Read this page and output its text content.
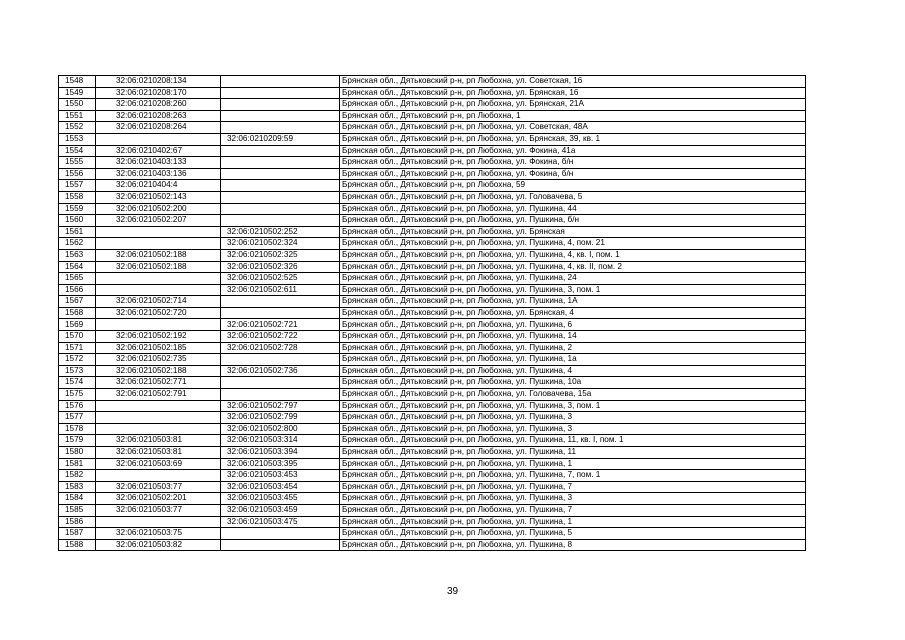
1548	32:06:0210208:134		Брянская обл., Дятьковский р-н, рп Любохна, ул. Советская, 16
1549	32:06:0210208:170		Брянская обл., Дятьковский р-н, рп Любохна, ул. Брянская, 16
1550	32:06:0210208:260		Брянская обл., Дятьковский р-н, рп Любохна, ул. Брянская, 21А
1551	32:06:0210208:263		Брянская обл., Дятьковский р-н, рп Любохна, 1
1552	32:06:0210208:264		Брянская обл., Дятьковский р-н, рп Любохна, ул. Советская, 48А
1553		32:06:0210209:59	Брянская обл., Дятьковский р-н, рп Любохна, ул. Брянская, 39, кв. 1
1554	32:06:0210402:67		Брянская обл., Дятьковский р-н, рп Любохна, ул. Фокина, 41а
1555	32:06:0210403:133		Брянская обл., Дятьковский р-н, рп Любохна, ул. Фокина, б/н
1556	32:06:0210403:136		Брянская обл., Дятьковский р-н, рп Любохна, ул. Фокина, б/н
1557	32:06:0210404:4		Брянская обл., Дятьковский р-н, рп Любохна, 59
1558	32:06:0210502:143		Брянская обл., Дятьковский р-н, рп Любохна, ул. Головачева, 5
1559	32:06:0210502:200		Брянская обл., Дятьковский р-н, рп Любохна, ул. Пушкина, 44
1560	32:06:0210502:207		Брянская обл., Дятьковский р-н, рп Любохна, ул. Пушкина, б/н
1561		32:06:0210502:252	Брянская обл., Дятьковский р-н, рп Любохна, ул. Брянская
1562		32:06:0210502:324	Брянская обл., Дятьковский р-н, рп Любохна, ул. Пушкина, 4, пом. 21
1563	32:06:0210502:188	32:06:0210502:325	Брянская обл., Дятьковский р-н, рп Любохна, ул. Пушкина, 4, кв. I, пом. 1
1564	32:06:0210502:188	32:06:0210502:326	Брянская обл., Дятьковский р-н, рп Любохна, ул. Пушкина, 4, кв. II, пом. 2
1565		32:06:0210502:525	Брянская обл., Дятьковский р-н, рп Любохна, ул. Пушкина, 24
1566		32:06:0210502:611	Брянская обл., Дятьковский р-н, рп Любохна, ул. Пушкина, 3, пом. 1
1567	32:06:0210502:714		Брянская обл., Дятьковский р-н, рп Любохна, ул. Пушкина, 1А
1568	32:06:0210502:720		Брянская обл., Дятьковский р-н, рп Любохна, ул. Брянская, 4
1569		32:06:0210502:721	Брянская обл., Дятьковский р-н, рп Любохна, ул. Пушкина, 6
1570	32:06:0210502:192	32:06:0210502:722	Брянская обл., Дятьковский р-н, рп Любохна, ул. Пушкина, 14
1571	32:06:0210502:185	32:06:0210502:728	Брянская обл., Дятьковский р-н, рп Любохна, ул. Пушкина, 2
1572	32:06:0210502:735		Брянская обл., Дятьковский р-н, рп Любохна, ул. Пушкина, 1а
1573	32:06:0210502:188	32:06:0210502:736	Брянская обл., Дятьковский р-н, рп Любохна, ул. Пушкина, 4
1574	32:06:0210502:771		Брянская обл., Дятьковский р-н, рп Любохна, ул. Пушкина, 10а
1575	32:06:0210502:791		Брянская обл., Дятьковский р-н, рп Любохна, ул. Головачева, 15а
1576		32:06:0210502:797	Брянская обл., Дятьковский р-н, рп Любохна, ул. Пушкина, 3, пом. 1
1577		32:06:0210502:799	Брянская обл., Дятьковский р-н, рп Любохна, ул. Пушкина, 3
1578		32:06:0210502:800	Брянская обл., Дятьковский р-н, рп Любохна, ул. Пушкина, 3
1579	32:06:0210503:81	32:06:0210503:314	Брянская обл., Дятьковский р-н, рп Любохна, ул. Пушкина, 11, кв. I, пом. 1
1580	32:06:0210503:81	32:06:0210503:394	Брянская обл., Дятьковский р-н, рп Любохна, ул. Пушкина, 11
1581	32:06:0210503:69	32:06:0210503:395	Брянская обл., Дятьковский р-н, рп Любохна, ул. Пушкина, 1
1582		32:06:0210503:453	Брянская обл., Дятьковский р-н, рп Любохна, ул. Пушкина, 7, пом. 1
1583	32:06:0210503:77	32:06:0210503:454	Брянская обл., Дятьковский р-н, рп Любохна, ул. Пушкина, 7
1584	32:06:0210502:201	32:06:0210503:455	Брянская обл., Дятьковский р-н, рп Любохна, ул. Пушкина, 3
1585	32:06:0210503:77	32:06:0210503:459	Брянская обл., Дятьковский р-н, рп Любохна, ул. Пушкина, 7
1586		32:06:0210503:475	Брянская обл., Дятьковский р-н, рп Любохна, ул. Пушкина, 1
1587	32:06:0210503:75		Брянская обл., Дятьковский р-н, рп Любохна, ул. Пушкина, 5
1588	32:06:0210503:82		Брянская обл., Дятьковский р-н, рп Любохна, ул. Пушкина, 8
39
